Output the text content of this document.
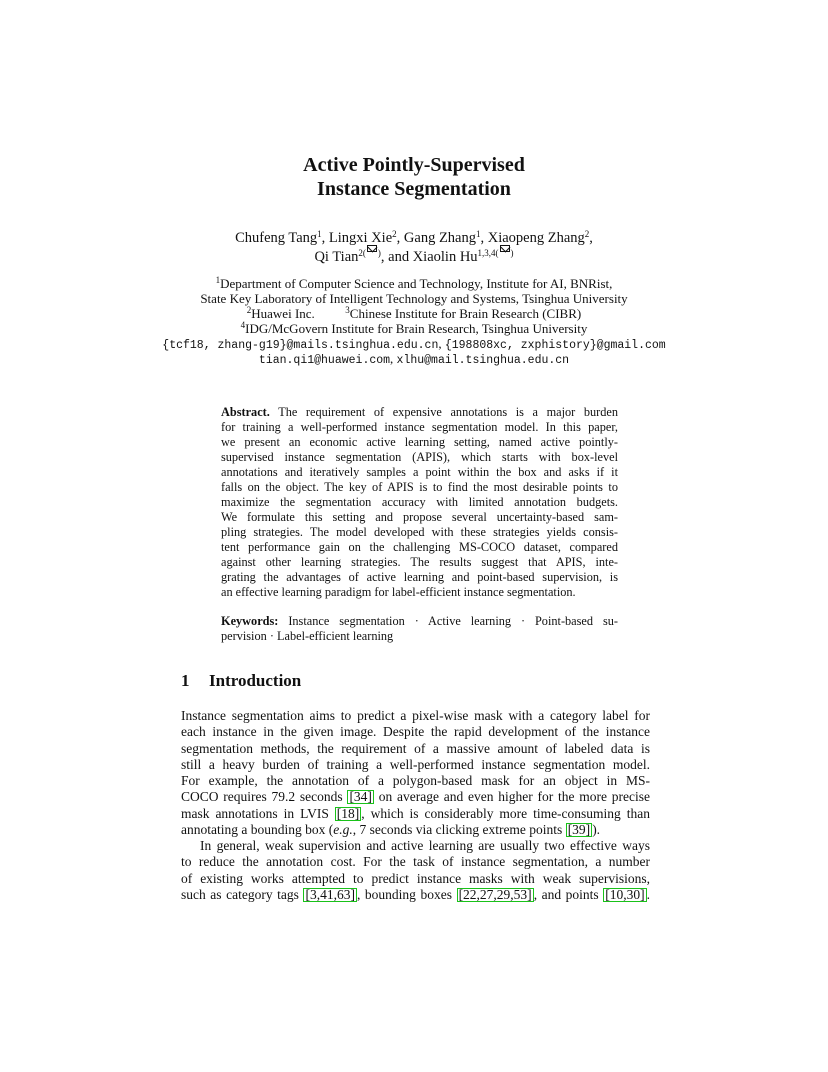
Active Pointly-Supervised
Instance Segmentation
Chufeng Tang$^1$, Lingxi Xie$^2$, Gang Zhang$^1$, Xiaopeng Zhang$^2$,
Qi Tian$^{2( )}$, and Xiaolin $Hu^{1,3,4( )}$
$^1$Department of Computer Science and Technology, Institute for AI, BNRist,
State Key Laboratory of Intelligent Technology and Systems, Tsinghua University
$^2$Huawei Inc.	$^3$Chinese Institute for Brain Research (CIBR)
$^4$IDG/McGovern Institute for Brain Research, Tsinghua University
{tcf18, zhang-g19}@mails.tsinghua.edu.cn, {198808xc, zxphistory}@gmail.com
tian.qi1@huawei.com, xlhu@mail.tsinghua.edu.cn
Abstract. The requirement of expensive annotations is a major burden
for training a well-performed instance segmentation model. In this paper,
we present an economic active learning setting, named active pointly-
supervised instance segmentation (APIS), which starts with box-level
annotations and iteratively samples a point within the box and asks if it
falls on the object. The key of APIS is to find the most desirable points to
maximize the segmentation accuracy with limited annotation budgets.
We formulate this setting and propose several uncertainty-based sam-
pling strategies. The model developed with these strategies yields consis-
tent performance gain on the challenging MS-COCO dataset, compared
against other learning strategies. The results suggest that APIS, inte-
grating the advantages of active learning and point-based supervision, is
an effective learning paradigm for label-efficient instance segmentation.
Keywords: Instance segmentation · Active learning · Point-based su-
pervision · Label-efficient learning
1 Introduction
Instance segmentation aims to predict a pixel-wise mask with a category label for
each instance in the given image. Despite the rapid development of the instance
segmentation methods, the requirement of a massive amount of labeled data is
still a heavy burden of training a well-performed instance segmentation model.
For example, the annotation of a polygon-based mask for an object in MS-
COCO requires 79.2 seconds [34] on average and even higher for the more precise
mask annotations in LVIS [18] , which is considerably more time-consuming than
annotating a bounding box (e.g., 7 seconds via clicking extreme points [39] ).
In general, weak supervision and active learning are usually two effective ways
to reduce the annotation cost. For the task of instance segmentation, a number
of existing works attempted to predict instance masks with weak supervisions,
such as category tags [3,41,63] , bounding boxes [22,27,29,53] , and points [10,30] .
